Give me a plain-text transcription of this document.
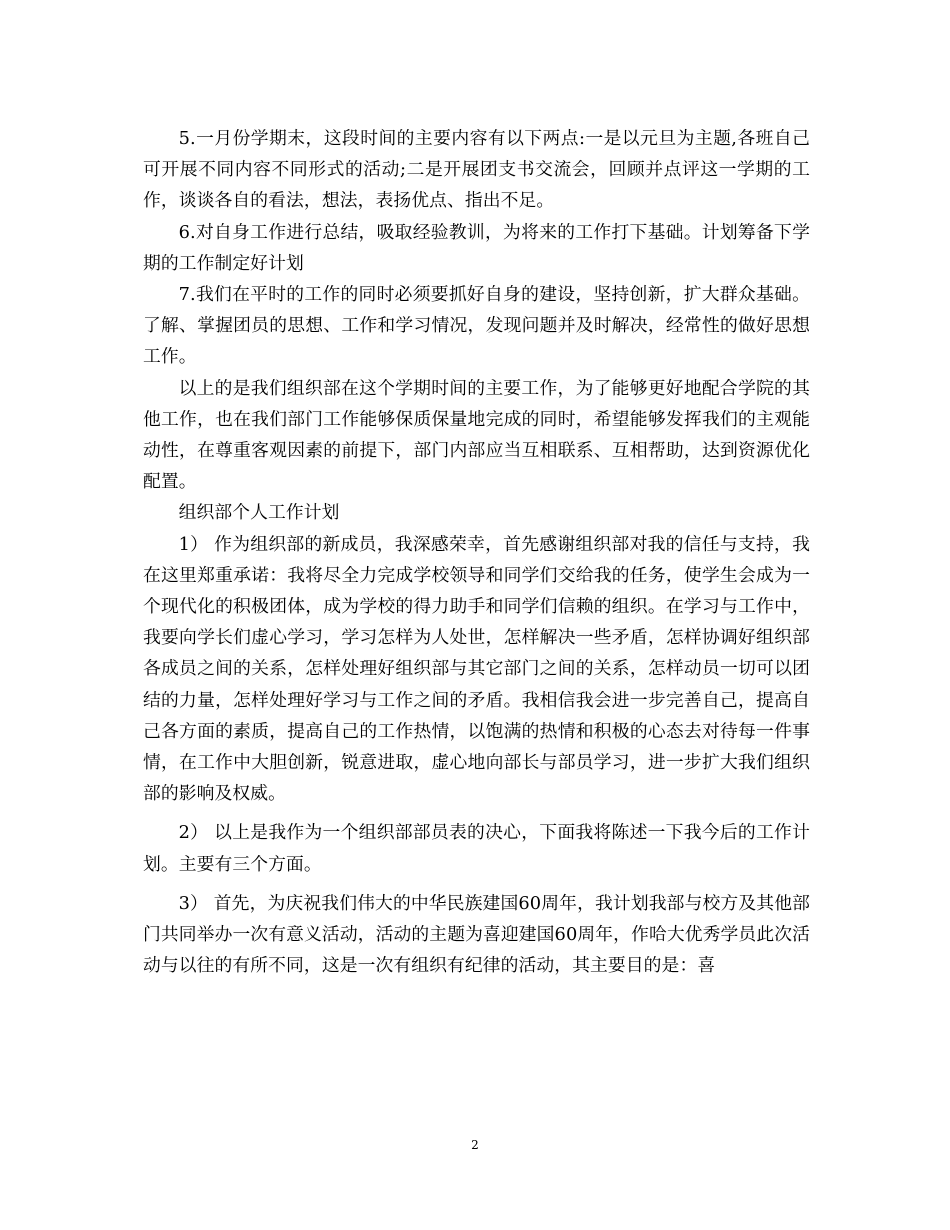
5.一月份学期末，这段时间的主要内容有以下两点:一是以元旦为主题,各班自己可开展不同内容不同形式的活动;二是开展团支书交流会，回顾并点评这一学期的工作，谈谈各自的看法，想法，表扬优点、指出不足。

6.对自身工作进行总结，吸取经验教训，为将来的工作打下基础。计划筹备下学期的工作制定好计划

7.我们在平时的工作的同时必须要抓好自身的建设，坚持创新，扩大群众基础。了解、掌握团员的思想、工作和学习情况，发现问题并及时解决，经常性的做好思想工作。

以上的是我们组织部在这个学期时间的主要工作，为了能够更好地配合学院的其他工作，也在我们部门工作能够保质保量地完成的同时，希望能够发挥我们的主观能动性，在尊重客观因素的前提下，部门内部应当互相联系、互相帮助，达到资源优化配置。

组织部个人工作计划

1） 作为组织部的新成员，我深感荣幸，首先感谢组织部对我的信任与支持，我在这里郑重承诺：我将尽全力完成学校领导和同学们交给我的任务，使学生会成为一个现代化的积极团体，成为学校的得力助手和同学们信赖的组织。在学习与工作中，我要向学长们虚心学习，学习怎样为人处世，怎样解决一些矛盾，怎样协调好组织部各成员之间的关系，怎样处理好组织部与其它部门之间的关系，怎样动员一切可以团结的力量，怎样处理好学习与工作之间的矛盾。我相信我会进一步完善自己，提高自己各方面的素质，提高自己的工作热情，以饱满的热情和积极的心态去对待每一件事情，在工作中大胆创新，锐意进取，虚心地向部长与部员学习，进一步扩大我们组织部的影响及权威。

2） 以上是我作为一个组织部部员表的决心，下面我将陈述一下我今后的工作计划。主要有三个方面。

3） 首先，为庆祝我们伟大的中华民族建国60周年，我计划我部与校方及其他部门共同举办一次有意义活动，活动的主题为喜迎建国60周年，作哈大优秀学员此次活动与以往的有所不同，这是一次有组织有纪律的活动，其主要目的是：喜

2
